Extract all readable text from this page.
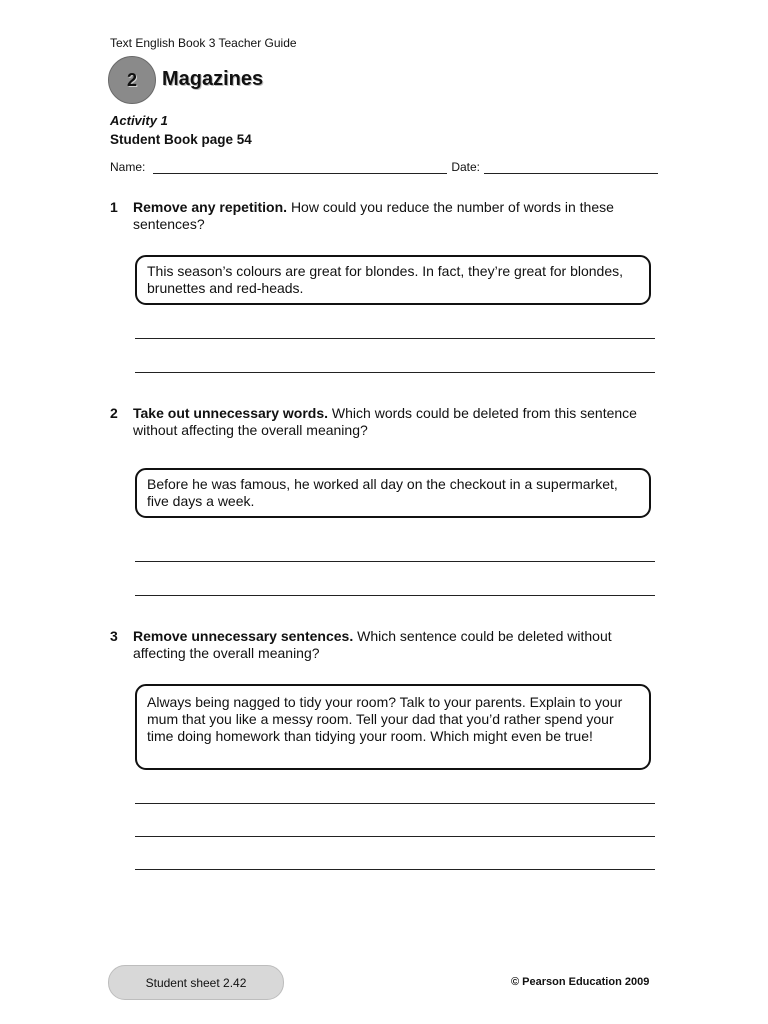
Text English Book 3 Teacher Guide
2 Magazines
Activity 1
Student Book page 54
Name:	Date:
1 Remove any repetition. How could you reduce the number of words in these sentences?
This season’s colours are great for blondes. In fact, they’re great for blondes, brunettes and red-heads.
2 Take out unnecessary words. Which words could be deleted from this sentence without affecting the overall meaning?
Before he was famous, he worked all day on the checkout in a supermarket, five days a week.
3 Remove unnecessary sentences. Which sentence could be deleted without affecting the overall meaning?
Always being nagged to tidy your room? Talk to your parents. Explain to your mum that you like a messy room. Tell your dad that you’d rather spend your time doing homework than tidying your room. Which might even be true!
Student sheet 2.42	© Pearson Education 2009
